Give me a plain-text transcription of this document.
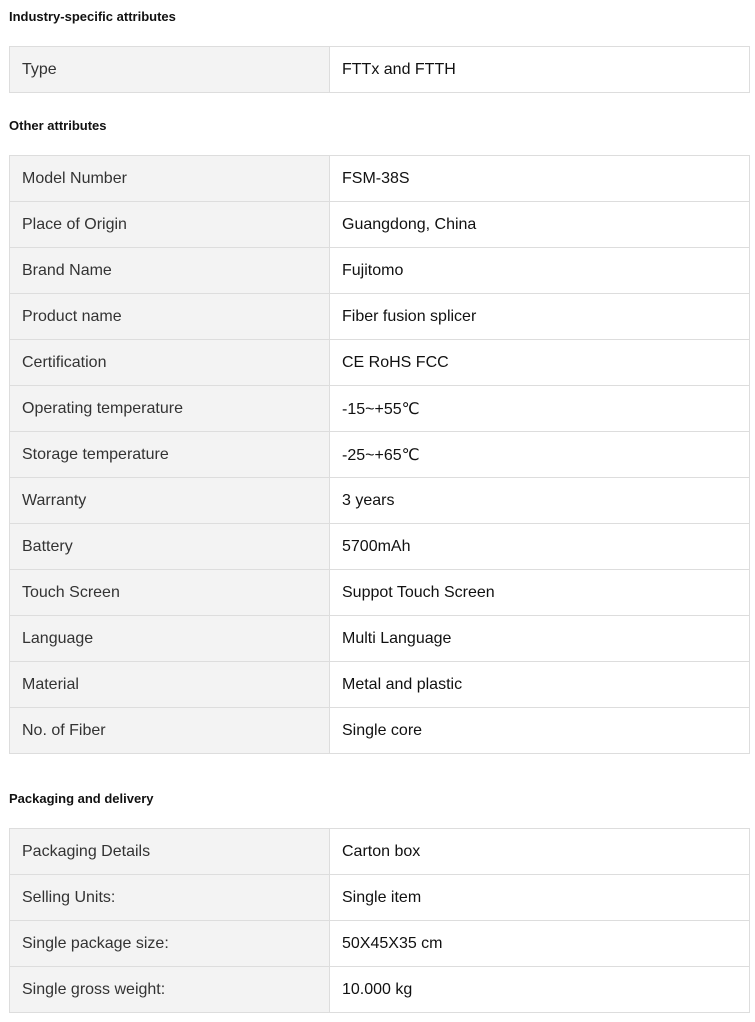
Industry-specific attributes
Type	FTTx and FTTH
Other attributes
Model Number	FSM-38S
Place of Origin	Guangdong, China
Brand Name	Fujitomo
Product name	Fiber fusion splicer
Certification	CE RoHS FCC
Operating temperature	-15~+55℃
Storage temperature	-25~+65℃
Warranty	3 years
Battery	5700mAh
Touch Screen	Suppot Touch Screen
Language	Multi Language
Material	Metal and plastic
No. of Fiber	Single core
Packaging and delivery
Packaging Details	Carton box
Selling Units:	Single item
Single package size:	50X45X35 cm
Single gross weight:	10.000 kg
